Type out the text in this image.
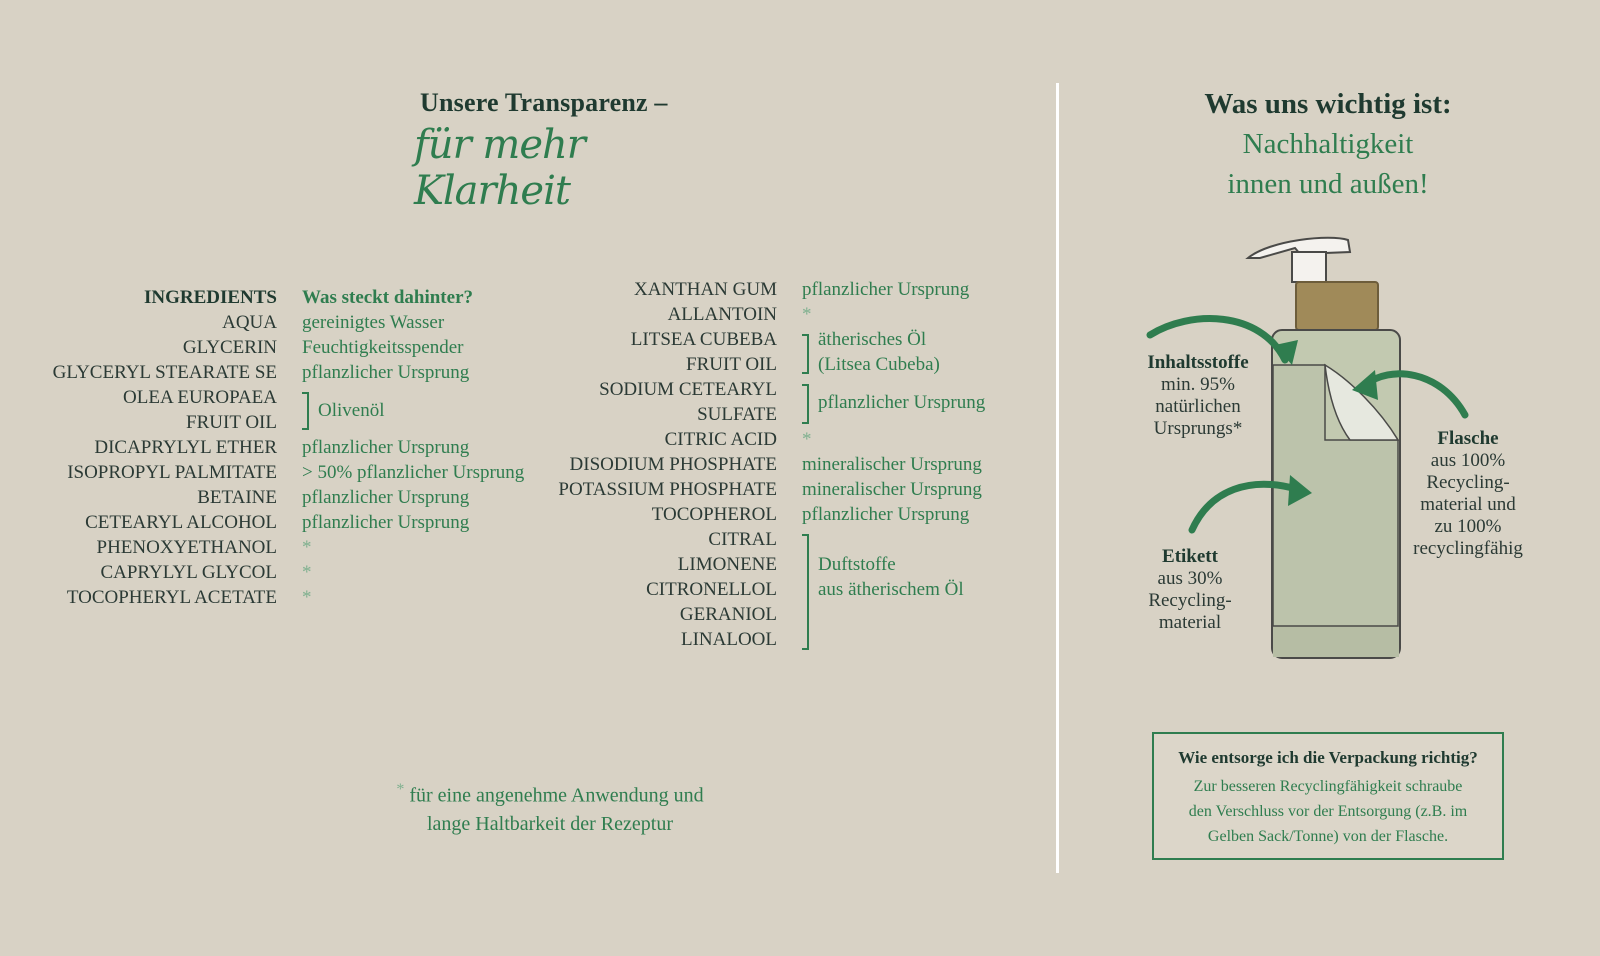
Unsere Transparenz –
für mehr Klarheit
INGREDIENTS Was steckt dahinter?
AQUA gereinigtes Wasser
GLYCERIN Feuchtigkeitsspender
GLYCERYL STEARATE SE pflanzlicher Ursprung
OLEA EUROPAEA
FRUIT OIL
Olivenöl
DICAPRYLYL ETHER pflanzlicher Ursprung
ISOPROPYL PALMITATE > 50% pflanzlicher Ursprung
BETAINE pflanzlicher Ursprung
CETEARYL ALCOHOL pflanzlicher Ursprung
PHENOXYETHANOL *
CAPRYLYL GLYCOL *
TOCOPHERYL ACETATE *
XANTHAN GUM pflanzlicher Ursprung
ALLANTOIN *
LITSEA CUBEBA
FRUIT OIL
ätherisches Öl
(Litsea Cubeba)
SODIUM CETEARYL
SULFATE
pflanzlicher Ursprung
CITRIC ACID *
DISODIUM PHOSPHATE mineralischer Ursprung
POTASSIUM PHOSPHATE mineralischer Ursprung
TOCOPHEROL pflanzlicher Ursprung
CITRAL
LIMONENE
CITRONELLOL
GERANIOL
LINALOOL
Duftstoffe
aus ätherischem Öl
* für eine angenehme Anwendung und
lange Haltbarkeit der Rezeptur
Was uns wichtig ist:
Nachhaltigkeit
innen und außen!
Inhaltsstoffe
min. 95%
natürlichen
Ursprungs*	Flasche
aus 100%
Recycling-
material und
zu 100%
recyclingfähig
Etikett
aus 30%
Recycling-
material
Wie entsorge ich die Verpackung richtig?
Zur besseren Recyclingfähigkeit schraube
den Verschluss vor der Entsorgung (z.B. im
Gelben Sack/Tonne) von der Flasche.
